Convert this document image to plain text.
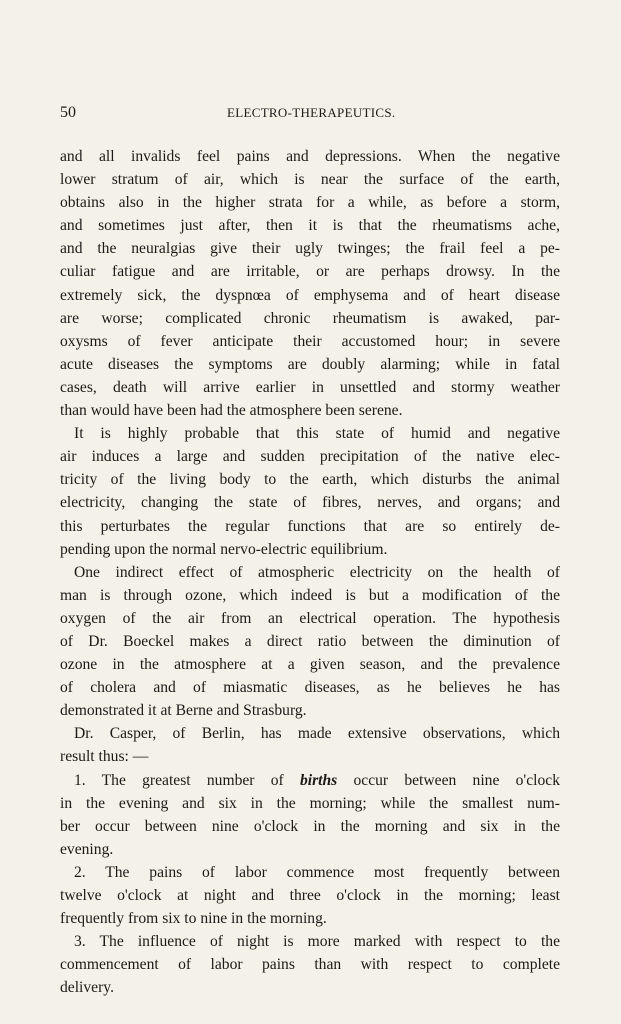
50	ELECTRO-THERAPEUTICS.
and all invalids feel pains and depressions. When the negative
lower stratum of air, which is near the surface of the earth,
obtains also in the higher strata for a while, as before a storm,
and sometimes just after, then it is that the rheumatisms ache,
and the neuralgias give their ugly twinges; the frail feel a pe-
culiar fatigue and are irritable, or are perhaps drowsy. In the
extremely sick, the dyspnœa of emphysema and of heart disease
are worse; complicated chronic rheumatism is awaked, par-
oxysms of fever anticipate their accustomed hour; in severe
acute diseases the symptoms are doubly alarming; while in fatal
cases, death will arrive earlier in unsettled and stormy weather
than would have been had the atmosphere been serene.
It is highly probable that this state of humid and negative
air induces a large and sudden precipitation of the native elec-
tricity of the living body to the earth, which disturbs the animal
electricity, changing the state of fibres, nerves, and organs; and
this perturbates the regular functions that are so entirely de-
pending upon the normal nervo-electric equilibrium.
One indirect effect of atmospheric electricity on the health of
man is through ozone, which indeed is but a modification of the
oxygen of the air from an electrical operation. The hypothesis
of Dr. Boeckel makes a direct ratio between the diminution of
ozone in the atmosphere at a given season, and the prevalence
of cholera and of miasmatic diseases, as he believes he has
demonstrated it at Berne and Strasburg.
Dr. Casper, of Berlin, has made extensive observations, which
result thus: —
1. The greatest number of births occur between nine o'clock
in the evening and six in the morning; while the smallest num-
ber occur between nine o'clock in the morning and six in the
evening.
2. The pains of labor commence most frequently between
twelve o'clock at night and three o'clock in the morning; least
frequently from six to nine in the morning.
3. The influence of night is more marked with respect to the
commencement of labor pains than with respect to complete
delivery.
